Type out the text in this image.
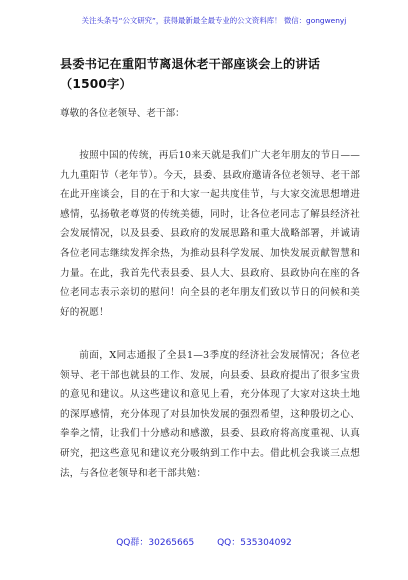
关注头条号“公文研究”，获得最新最全最专业的公文资料库！ 微信：gongwenyj
县委书记在重阳节离退休老干部座谈会上的讲话（1500字）
尊敬的各位老领导、老干部：
按照中国的传统，再后10来天就是我们广大老年朋友的节日——九九重阳节（老年节）。今天，县委、县政府邀请各位老领导、老干部在此开座谈会，目的在于和大家一起共度佳节，与大家交流思想增进感情，弘扬敬老尊贤的传统美德，同时，让各位老同志了解县经济社会发展情况，以及县委、县政府的发展思路和重大战略部署，并诚请各位老同志继续发挥余热，为推动县科学发展、加快发展贡献智慧和力量。在此，我首先代表县委、县人大、县政府、县政协向在座的各位老同志表示亲切的慰问！向全县的老年朋友们致以节日的问候和美好的祝愿！
前面，X同志通报了全县1—3季度的经济社会发展情况；各位老领导、老干部也就县的工作、发展，向县委、县政府提出了很多宝贵的意见和建议。从这些建议和意见上看，充分体现了大家对这块土地的深厚感情，充分体现了对县加快发展的强烈希望，这种殷切之心、拳拳之情，让我们十分感动和感激，县委、县政府将高度重视、认真研究，把这些意见和建议充分吸纳到工作中去。借此机会我谈三点想法，与各位老领导和老干部共勉：
QQ群：30265665	QQ：535304092
